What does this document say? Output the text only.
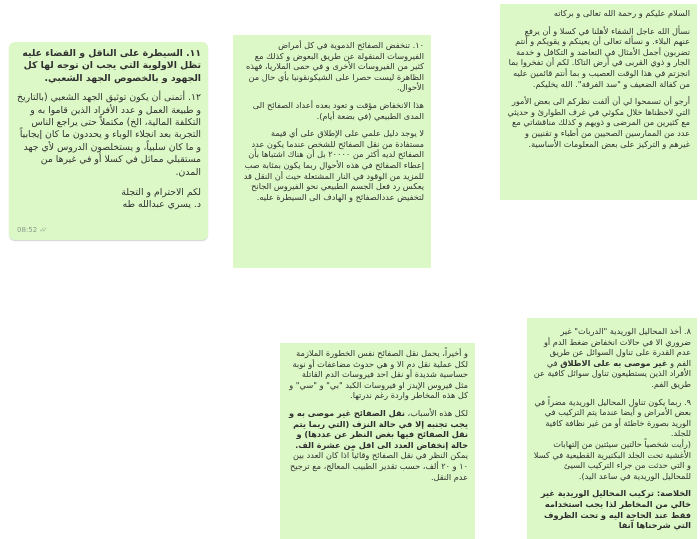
السلام عليكم و رحمة الله تعالى و بركاته

نسأل الله عاجل الشفاء لأهلنا في كسلا و أن يرفع عنهم البلاء. و نسأله تعالى أن يعينكم و يقويكم و أنتم تضربون أجمل الأمثال في التعاضد و التكافل و خدمة الجار و ذوي القربى في أرض التاكا. لكم أن تفخروا بما انجزتم في هذا الوقت العصيب و بما أنتم قائمين عليه من كفالة الضعيف و "سد الفرقة". الله يخليكم.

أرجو أن تسمحوا لي أن ألفت نظركم الى بعض الأمور التي لاحظناها خلال مكوثي في غرف الطوارئ و حديثي مع كثيرين من المرضى و ذويهم و كذلك مناقشاتي مع عدد من الممارسين الصحيين من أطباء و تقنيين و غيرهم و التركيز على بعض المعلومات الأساسية.

١٠. تنخفض الصفائح الدموية في كل أمراض الفيروسات المنقولة عن طريق البعوض و كذلك مع كثير من الفيروسات الأخرى و في حمى الملاريا، فهذه الظاهرة ليست حصرا على الشيكونقونيا بأي حال من الأحوال.

هذا الانخفاض مؤقت و تعود بعده أعداد الصفائح الى المدى الطبيعي (في بضعة أيام).

لا يوجد دليل علمي على الإطلاق على أي قيمة مستفادة من نقل الصفائح للشخص عندما يكون عدد الصفائح لديه أكثر من ٢٠٠٠٠ بل أن هناك اشتباها بأن إعطاء الصفائح في هذه الأحوال ربما يكون بمثابة صب للمزيد من الوقود في النار المشتعلة حيث أن النقل قد يعكس رد فعل الجسم الطبيعي نحو الفيروس الجانح لتخفيض عددالصفائح و الهادف الى السيطرة عليه.

١١. السيطرة على الناقل و القضاء عليه تظل الاولوية التي يجب ان توجه لها كل الجهود و بالخصوص الجهد الشعبي.

١٢. أتمنى أن يكون توثيق الجهد الشعبي (بالتاريخ و طبيعة العمل و عدد الأفراد الذين قاموا به و التكلفة المالية، الخ) مكتملاً حتى يراجع الناس التجربة بعد انجلاء الوباء و يحددون ما كان إيجابياً و ما كان سلبياً، و يستخلصون الدروس لأي جهد مستقبلي مماثل في كسلا أو في غيرها من المدن.

لكم الاحترام و التجلة
د. يسري عبدالله طه

08:52 ✓✓

و أخيراً، يحمل نقل الصفائح نفس الخطورة الملازمة لكل عملية نقل دم الا و هي حدوث مضاعفات أو نوبة حساسية شديدة أو نقل احد فيروسات الدم القاتلة مثل فيروس الإيدز او فيروسات الكبد "بي" و "سي" و كل هذه المخاطر واردة رغم ندرتها.

لكل هذه الأسباب، نقل الصفائح غير موصى به و يجب تجنبه إلا في حالة النزف (التي ربما يتم نقل الصفائح فيها بغض النظر عن عددها) و حالة إنخفاض العدد الى اقل من عشرة الف. يمكن النظر في نقل الصفائح وقائياً اذا كان العدد بين ١٠ و ٢٠ ألف، حسب تقدير الطبيب المعالج، مع ترجيح عدم النقل.

٨. أخذ المحاليل الوريدية "الدربات" غير ضروري الا في حالات انخفاض ضغط الدم أو عدم القدرة على تناول السوائل عن طريق الفم و غير موصى به على الاطلاق في الأفراد الذين يستطيعون تناول سوائل كافية عن طريق الفم.

٩. ربما يكون تناول المحاليل الوريدية مضراً في بعض الأمراض و أيضا عندما يتم التركيب في الوريد بصورة خاطئة أو من غير نظافة كافية للجلد.
(رأيت شخصياً حالتين سيئتين من إلتهابات الأغشية تحت الجلد البكتيرية القطيعية في كسلا و التي حدثت من جراء التركيب السيئ للمحاليل الوريدية في ساعد اليد).

الخلاصة: تركيب المحاليل الوريدية غير خالي من المخاطر لذا يجب استخدامه فقط عند الحاجة اليه و تحت الظروف التي شرحناها آنفا
